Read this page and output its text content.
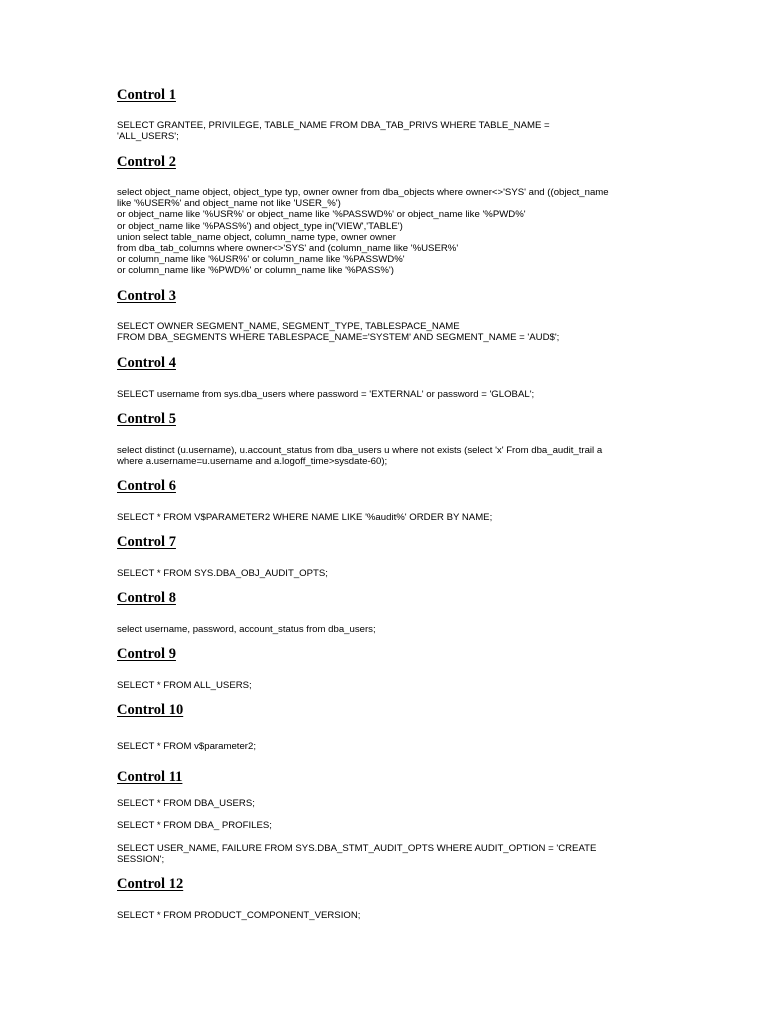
Control 1
SELECT GRANTEE, PRIVILEGE, TABLE_NAME FROM DBA_TAB_PRIVS WHERE TABLE_NAME =
'ALL_USERS';
Control 2
select object_name object, object_type typ, owner owner from dba_objects where owner<>'SYS' and ((object_name
like '%USER%' and object_name not like 'USER_%')
or object_name like '%USR%' or object_name like '%PASSWD%' or object_name like '%PWD%'
or object_name like '%PASS%') and object_type in('VIEW','TABLE')
union select table_name object, column_name type, owner owner
from dba_tab_columns where owner<>'SYS' and (column_name like '%USER%'
or column_name like '%USR%' or column_name like '%PASSWD%'
or column_name like '%PWD%' or column_name like '%PASS%')
Control 3
SELECT OWNER SEGMENT_NAME, SEGMENT_TYPE, TABLESPACE_NAME
FROM DBA_SEGMENTS WHERE TABLESPACE_NAME='SYSTEM' AND SEGMENT_NAME = 'AUD$';
Control 4
SELECT username from sys.dba_users where password = 'EXTERNAL' or password = 'GLOBAL';
Control 5
select distinct (u.username), u.account_status from dba_users u where not exists (select 'x' From dba_audit_trail a
where a.username=u.username and a.logoff_time>sysdate-60);
Control 6
SELECT * FROM V$PARAMETER2 WHERE NAME LIKE '%audit%' ORDER BY NAME;
Control 7
SELECT * FROM SYS.DBA_OBJ_AUDIT_OPTS;
Control 8
select username, password, account_status from dba_users;
Control 9
SELECT * FROM ALL_USERS;
Control 10
SELECT * FROM v$parameter2;
Control 11
SELECT * FROM DBA_USERS;
SELECT * FROM DBA_ PROFILES;
SELECT USER_NAME, FAILURE FROM SYS.DBA_STMT_AUDIT_OPTS WHERE AUDIT_OPTION = 'CREATE
SESSION';
Control 12
SELECT * FROM PRODUCT_COMPONENT_VERSION;
